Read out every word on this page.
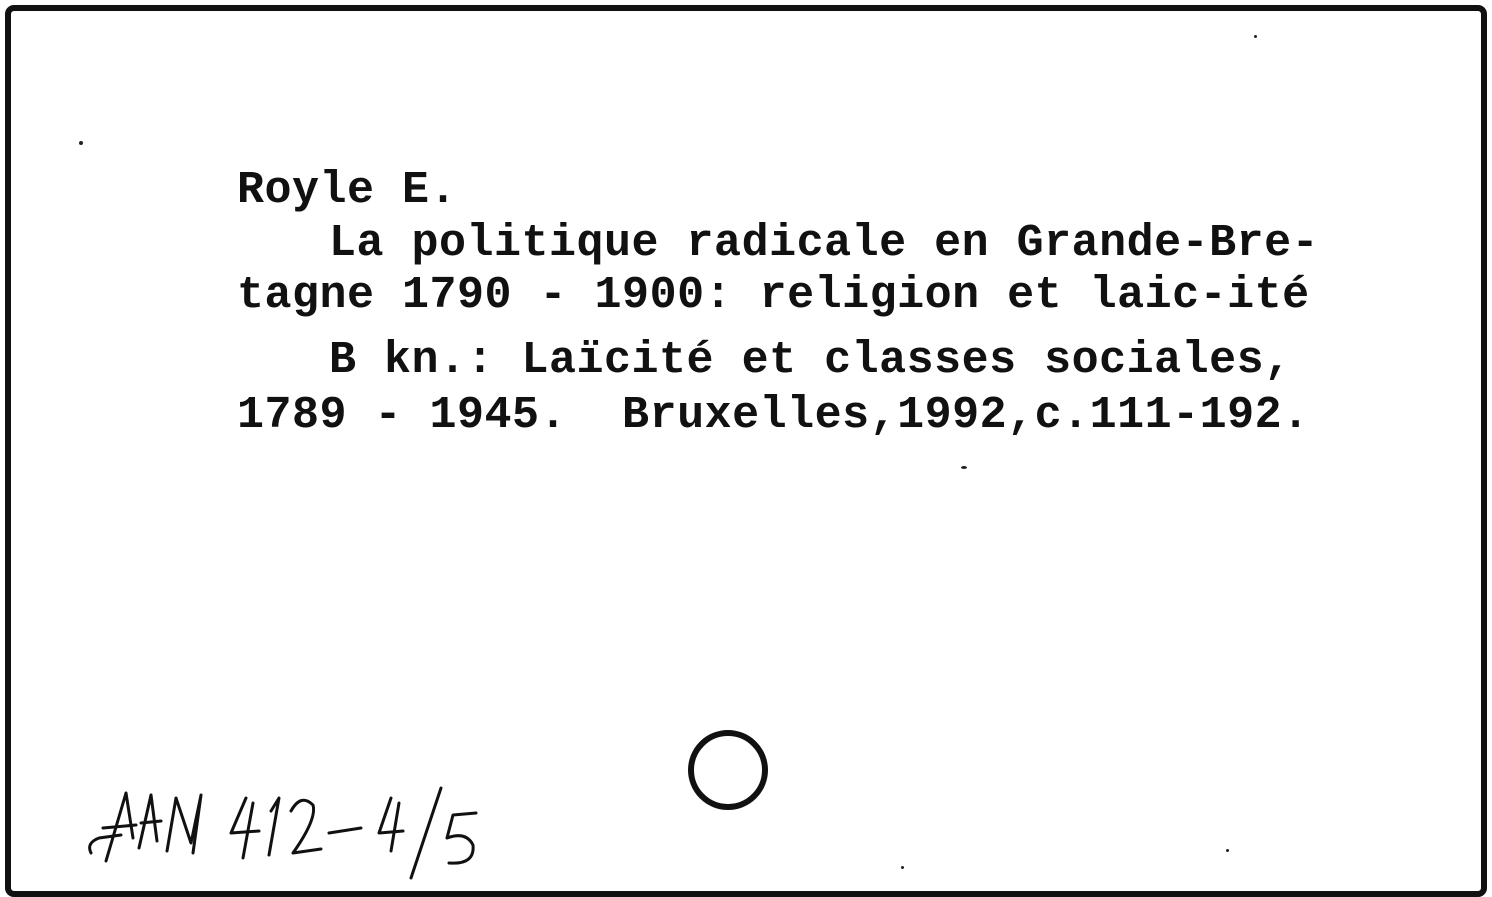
Royle E.
La politique radicale en Grande-Bre-
tagne 1790 - 1900: religion et laic-ité
B kn.: Laïcité et classes sociales,
1789 - 1945.  Bruxelles,1992,c.111-192.
